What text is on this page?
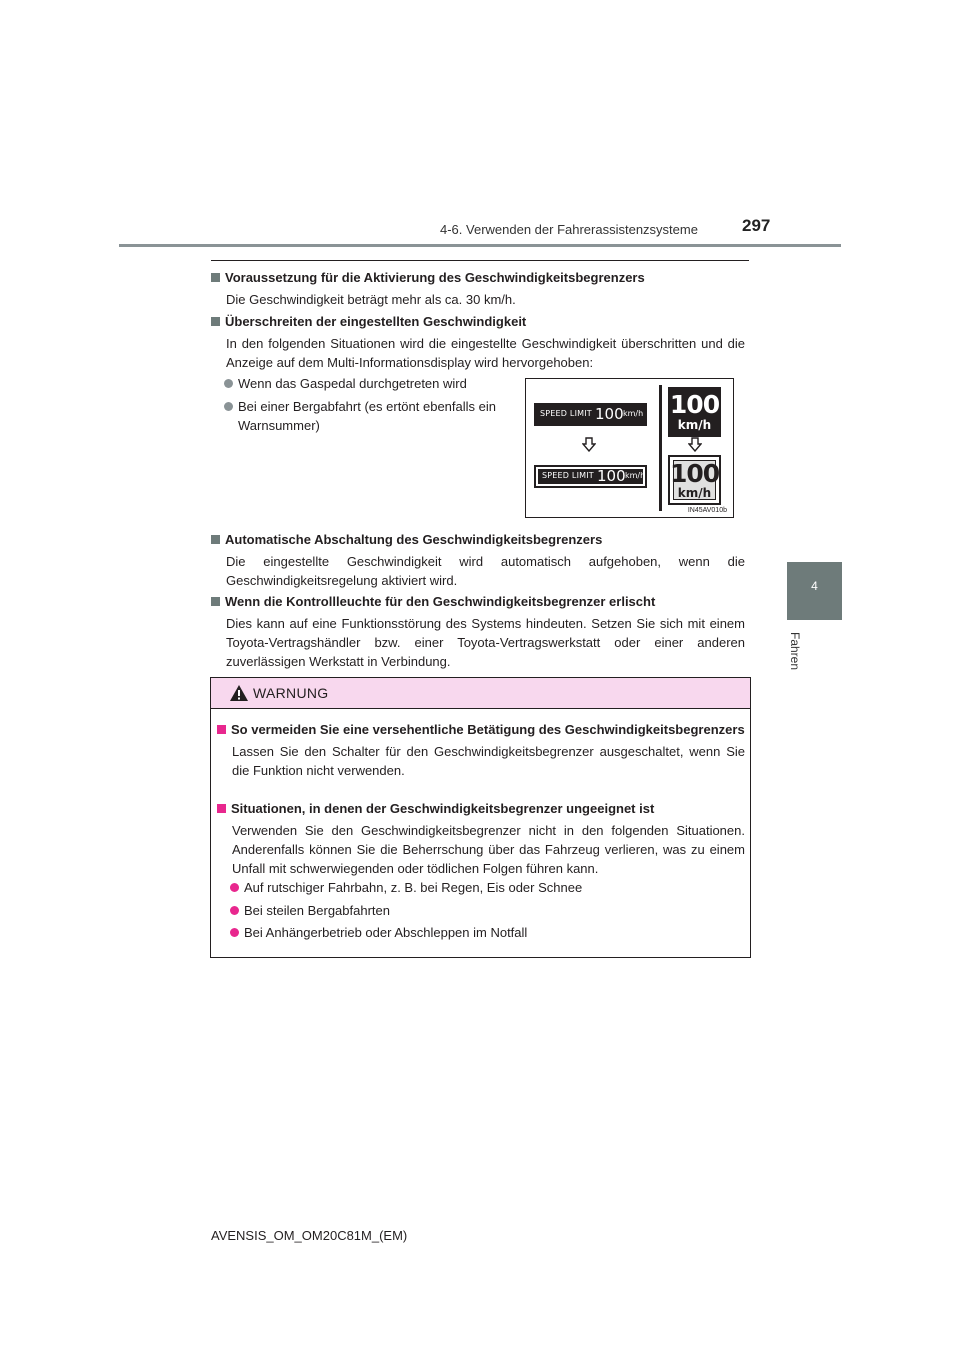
4-6. Verwenden der Fahrerassistenzsysteme	297
4
Fahren
Voraussetzung für die Aktivierung des Geschwindigkeitsbegrenzers
Die Geschwindigkeit beträgt mehr als ca. 30 km/h.
Überschreiten der eingestellten Geschwindigkeit
In den folgenden Situationen wird die eingestellte Geschwindigkeit überschritten und die Anzeige auf dem Multi-Informationsdisplay wird hervorgehoben:
Wenn das Gaspedal durchgetreten wird
Bei einer Bergabfahrt (es ertönt ebenfalls ein Warnsummer)
SPEED LIMIT 100 km/h
SPEED LIMIT 100 km/h
100
km/h
100
km/h
IN45AV010b
Automatische Abschaltung des Geschwindigkeitsbegrenzers
Die eingestellte Geschwindigkeit wird automatisch aufgehoben, wenn die Geschwindigkeitsregelung aktiviert wird.
Wenn die Kontrollleuchte für den Geschwindigkeitsbegrenzer erlischt
Dies kann auf eine Funktionsstörung des Systems hindeuten. Setzen Sie sich mit einem Toyota-Vertragshändler bzw. einer Toyota-Vertragswerkstatt oder einer anderen zuverlässigen Werkstatt in Verbindung.
WARNUNG
So vermeiden Sie eine versehentliche Betätigung des Geschwindigkeitsbegrenzers
Lassen Sie den Schalter für den Geschwindigkeitsbegrenzer ausgeschaltet, wenn Sie die Funktion nicht verwenden.
Situationen, in denen der Geschwindigkeitsbegrenzer ungeeignet ist
Verwenden Sie den Geschwindigkeitsbegrenzer nicht in den folgenden Situationen. Anderenfalls können Sie die Beherrschung über das Fahrzeug verlieren, was zu einem Unfall mit schwerwiegenden oder tödlichen Folgen führen kann.
Auf rutschiger Fahrbahn, z. B. bei Regen, Eis oder Schnee
Bei steilen Bergabfahrten
Bei Anhängerbetrieb oder Abschleppen im Notfall
AVENSIS_OM_OM20C81M_(EM)
